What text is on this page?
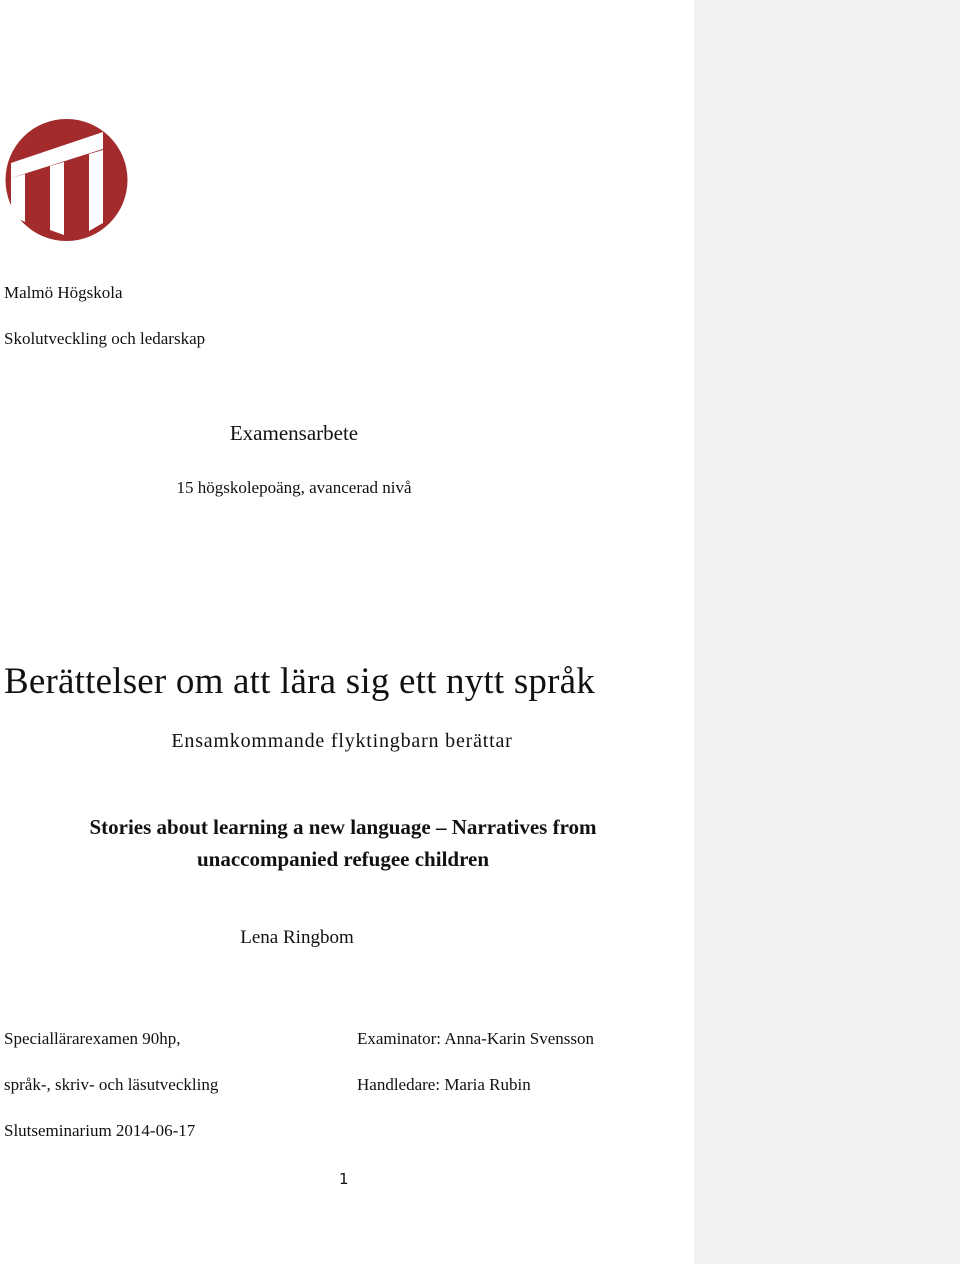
Malmö Högskola
Skolutveckling och ledarskap
Examensarbete
15 högskolepoäng, avancerad nivå
Berättelser om att lära sig ett nytt språk
Ensamkommande flyktingbarn berättar
Stories about learning a new language – Narratives from
unaccompanied refugee children
Lena Ringbom
Speciallärarexamen 90hp,
språk-, skriv- och läsutveckling
Slutseminarium 2014-06-17
Examinator: Anna-Karin Svensson
Handledare: Maria Rubin
1
